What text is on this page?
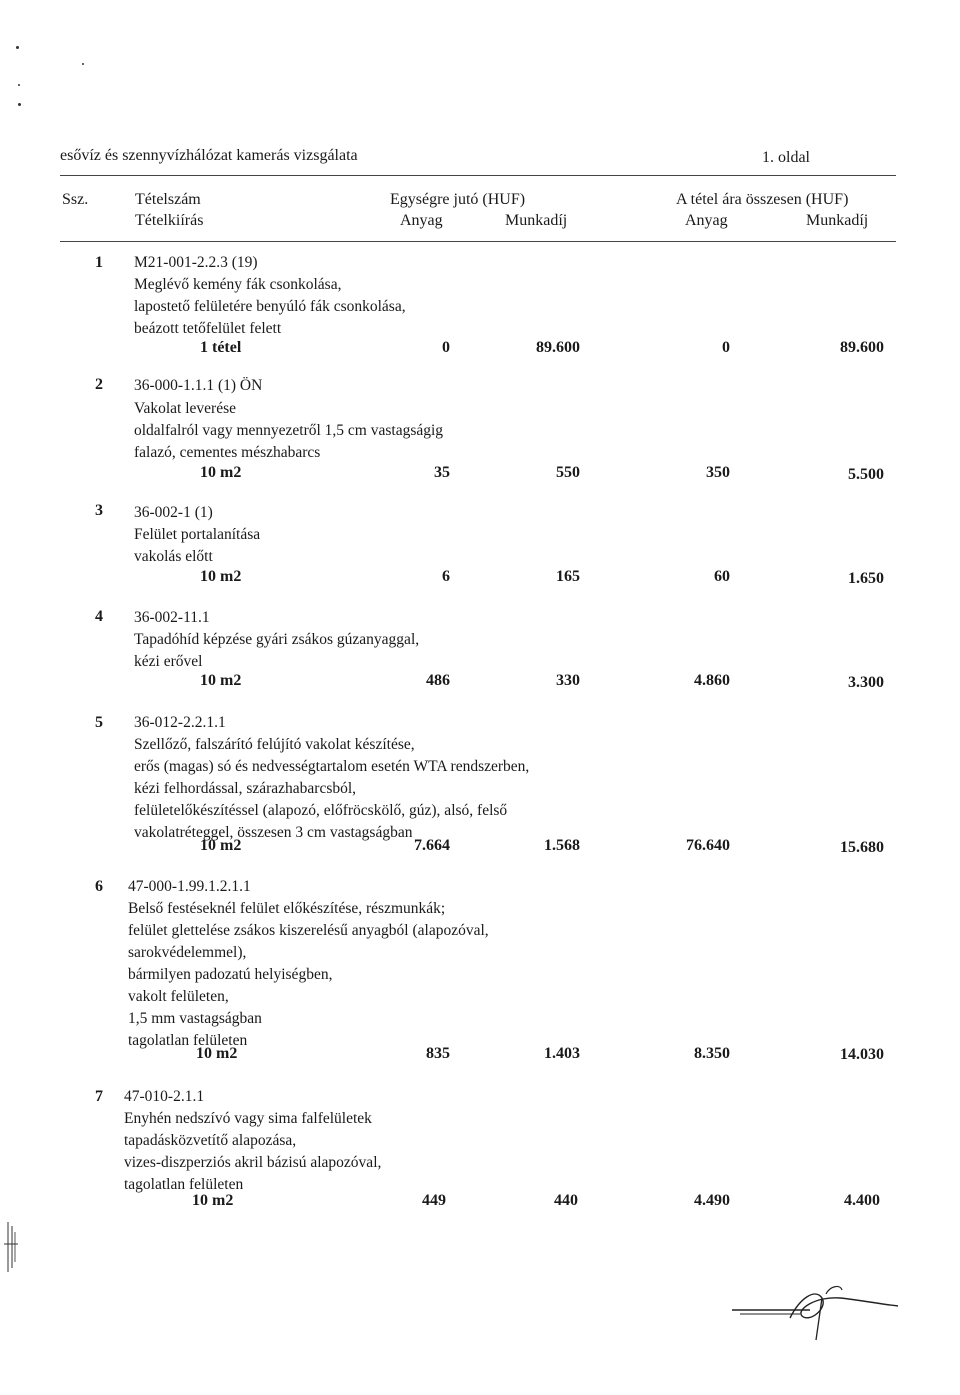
esővíz és szennyvízhálózat kamerás vizsgálata	1. oldal
Ssz.	Tételszám
Tételkiírás
Egységre jutó (HUF)
Anyag	Munkadíj
A tétel ára összesen (HUF)
Anyag	Munkadíj
1 M21-001-2.2.3 (19)
Meglévő kemény fák csonkolása,
lapostető felületére benyúló fák csonkolása,
beázott tetőfelület felett
1 tétel	0	89.600	0	89.600
2 36-000-1.1.1 (1) ÖN
Vakolat leverése
oldalfalról vagy mennyezetről 1,5 cm vastagságig
falazó, cementes mészhabarcs
10 m2	35	550	350	5.500
3 36-002-1 (1)
Felület portalanítása
vakolás előtt
10 m2	6	165	60	1.650
4 36-002-11.1
Tapadóhíd képzése gyári zsákos gúzanyaggal,
kézi erővel
10 m2	486	330	4.860	3.300
5 36-012-2.2.1.1
Szellőző, falszárító felújító vakolat készítése,
erős (magas) só és nedvességtartalom esetén WTA rendszerben,
kézi felhordással, szárazhabarcsból,
felületelőkészítéssel (alapozó, előfröcskölő, gúz), alsó, felső
vakolatréteggel, összesen 3 cm vastagságban
10 m2	7.664	1.568	76.640	15.680
6 47-000-1.99.1.2.1.1
Belső festéseknél felület előkészítése, részmunkák;
felület glettelése zsákos kiszerelésű anyagból (alapozóval,
sarokvédelemmel),
bármilyen padozatú helyiségben,
vakolt felületen,
1,5 mm vastagságban
tagolatlan felületen
10 m2	835	1.403	8.350	14.030
7 47-010-2.1.1
Enyhén nedszívó vagy sima falfelületek
tapadásközvetítő alapozása,
vizes-diszperziós akril bázisú alapozóval,
tagolatlan felületen
10 m2	449	440	4.490	4.400
